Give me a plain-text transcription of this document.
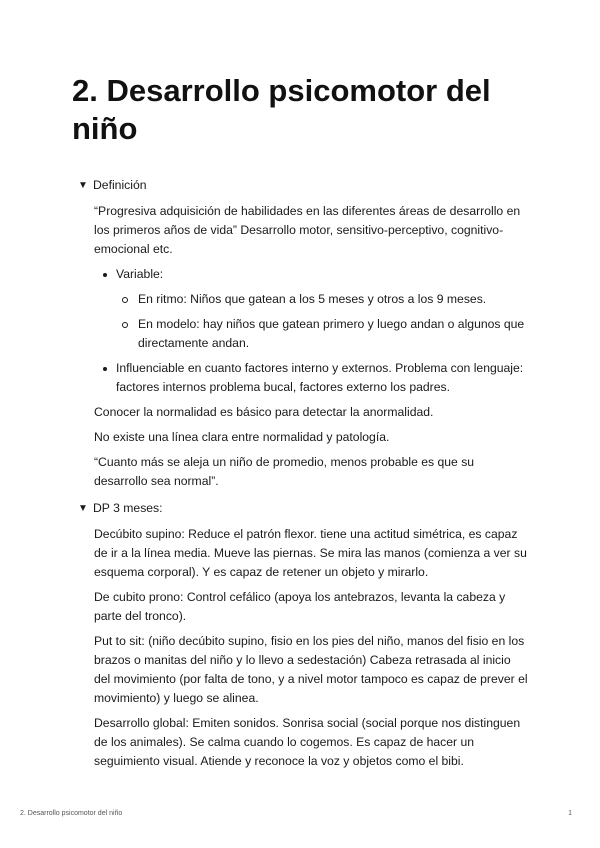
2. Desarrollo psicomotor del niño
▼ Definición

“Progresiva adquisición de habilidades en las diferentes áreas de desarrollo en los primeros años de vida” Desarrollo motor, sensitivo-perceptivo, cognitivo-emocional etc.

Variable:
En ritmo: Niños que gatean a los 5 meses y otros a los 9 meses.
En modelo: hay niños que gatean primero y luego andan o algunos que directamente andan.
Influenciable en cuanto factores interno y externos. Problema con lenguaje: factores internos problema bucal, factores externo los padres.

Conocer la normalidad es básico para detectar la anormalidad.

No existe una línea clara entre normalidad y patología.

“Cuanto más se aleja un niño de promedio, menos probable es que su desarrollo sea normal”.

▼ DP 3 meses:

Decúbito supino: Reduce el patrón flexor. tiene una actitud simétrica, es capaz de ir a la línea media. Mueve las piernas. Se mira las manos (comienza a ver su esquema corporal). Y es capaz de retener un objeto y mirarlo.

De cubito prono: Control cefálico (apoya los antebrazos, levanta la cabeza y parte del tronco).

Put to sit: (niño decúbito supino, fisio en los pies del niño, manos del fisio en los brazos o manitas del niño y lo llevo a sedestación) Cabeza retrasada al inicio del movimiento (por falta de tono, y a nivel motor tampoco es capaz de prever el movimiento) y luego se alinea.

Desarrollo global: Emiten sonidos. Sonrisa social (social porque nos distinguen de los animales). Se calma cuando lo cogemos. Es capaz de hacer un seguimiento visual. Atiende y reconoce la voz y objetos como el bibi.

2. Desarrollo psicomotor del niño	1
